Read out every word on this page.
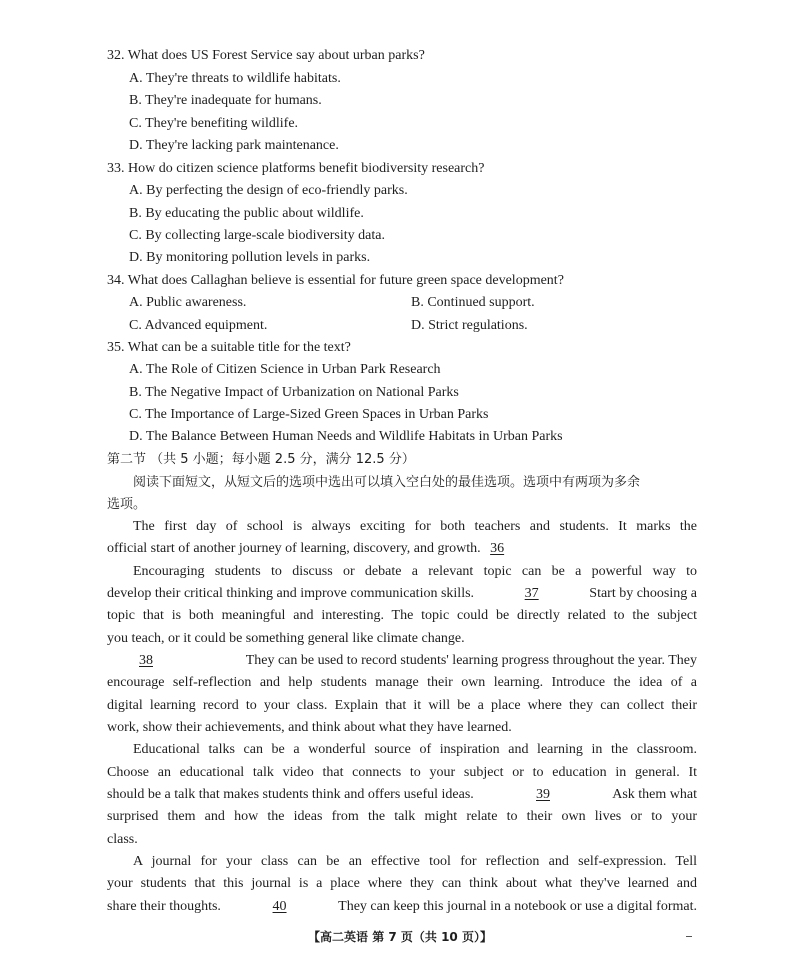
32. What does US Forest Service say about urban parks?
A. They're threats to wildlife habitats.
B. They're inadequate for humans.
C. They're benefiting wildlife.
D. They're lacking park maintenance.
33. How do citizen science platforms benefit biodiversity research?
A. By perfecting the design of eco-friendly parks.
B. By educating the public about wildlife.
C. By collecting large-scale biodiversity data.
D. By monitoring pollution levels in parks.
34. What does Callaghan believe is essential for future green space development?
A. Public awareness.	B. Continued support.
C. Advanced equipment.	D. Strict regulations.
35. What can be a suitable title for the text?
A. The Role of Citizen Science in Urban Park Research
B. The Negative Impact of Urbanization on National Parks
C. The Importance of Large-Sized Green Spaces in Urban Parks
D. The Balance Between Human Needs and Wildlife Habitats in Urban Parks
第二节 （共 5 小题；每小题 2.5 分，满分 12.5 分）
阅读下面短文，从短文后的选项中选出可以填入空白处的最佳选项。选项中有两项为多余
选项。
The first day of school is always exciting for both teachers and students. It marks the
official start of another journey of learning, discovery, and growth. 36
Encouraging students to discuss or debate a relevant topic can be a powerful way to
develop their critical thinking and improve communication skills.	37	Start by choosing a
topic that is both meaningful and interesting. The topic could be directly related to the subject
you teach, or it could be something general like climate change.
38	They can be used to record students' learning progress throughout the year. They
encourage self-reflection and help students manage their own learning. Introduce the idea of a
digital learning record to your class. Explain that it will be a place where they can collect their
work, show their achievements, and think about what they have learned.
Educational talks can be a wonderful source of inspiration and learning in the classroom.
Choose an educational talk video that connects to your subject or to education in general. It
should be a talk that makes students think and offers useful ideas.	39	Ask them what
surprised them and how the ideas from the talk might relate to their own lives or to your
class.
A journal for your class can be an effective tool for reflection and self-expression. Tell
your students that this journal is a place where they can think about what they've learned and
share their thoughts.	40	They can keep this journal in a notebook or use a digital format.
【高二英语 第 7 页（共 10 页）】
